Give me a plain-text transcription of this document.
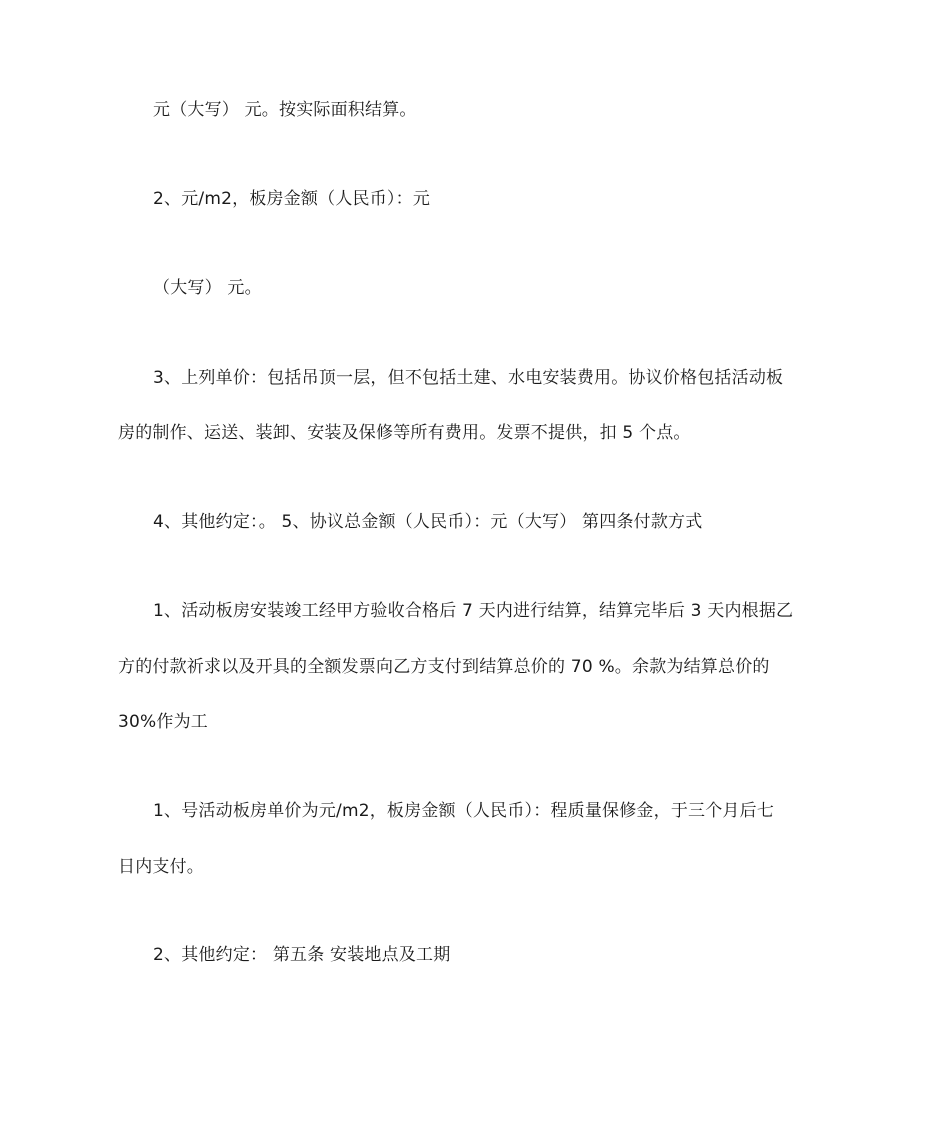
元（大写） 元。按实际面积结算。
2、元/m2，板房金额（人民币）：元
（大写） 元。
3、上列单价：包括吊顶一层，但不包括土建、水电安装费用。协议价格包括活动板
房的制作、运送、装卸、安装及保修等所有费用。发票不提供，扣 5 个点。
4、其他约定：。 5、协议总金额（人民币）：元（大写） 第四条付款方式
1、活动板房安装竣工经甲方验收合格后 7 天内进行结算，结算完毕后 3 天内根据乙
方的付款祈求以及开具的全额发票向乙方支付到结算总价的 70 %。余款为结算总价的
30%作为工
1、号活动板房单价为元/m2，板房金额（人民币）：程质量保修金，于三个月后七
日内支付。
2、其他约定： 第五条 安装地点及工期
